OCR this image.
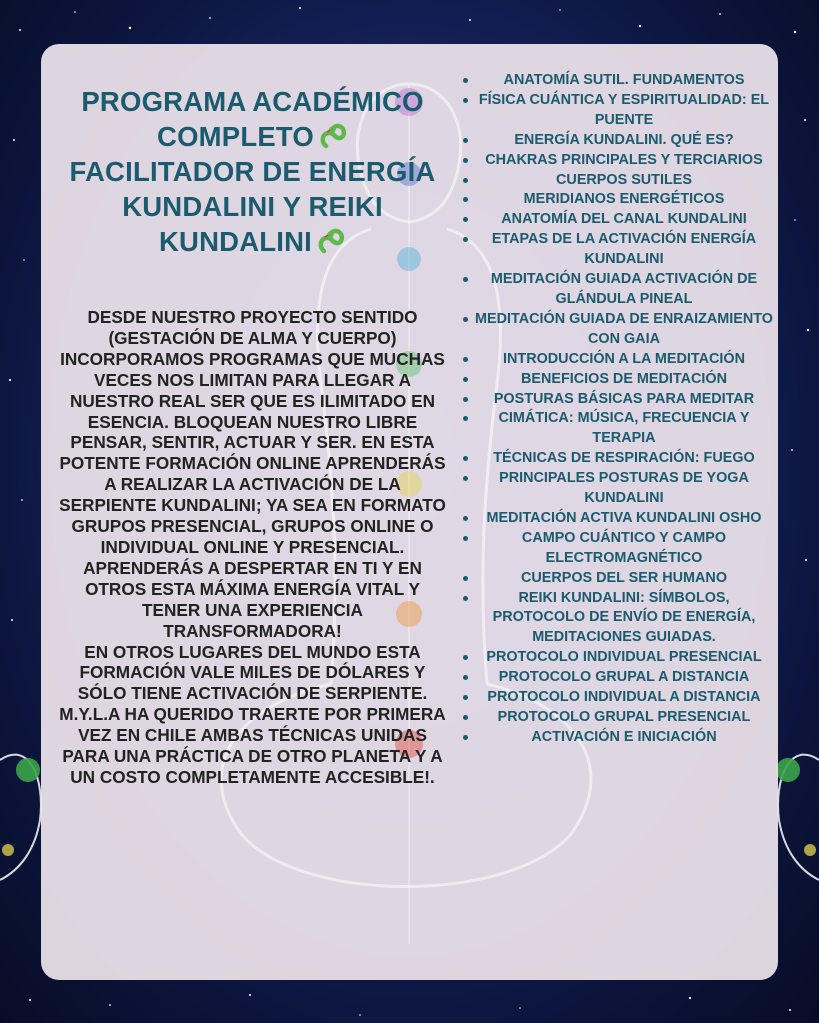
PROGRAMA ACADÉMICO
COMPLETO
FACILITADOR DE ENERGÍA
KUNDALINI Y REIKI
KUNDALINI

DESDE NUESTRO PROYECTO SENTIDO (GESTACIÓN DE ALMA Y CUERPO) INCORPORAMOS PROGRAMAS QUE MUCHAS VECES NOS LIMITAN PARA LLEGAR A NUESTRO REAL SER QUE ES ILIMITADO EN ESENCIA. BLOQUEAN NUESTRO LIBRE PENSAR, SENTIR, ACTUAR Y SER. EN ESTA POTENTE FORMACIÓN ONLINE APRENDERÁS A REALIZAR LA ACTIVACIÓN DE LA SERPIENTE KUNDALINI; YA SEA EN FORMATO GRUPOS PRESENCIAL, GRUPOS ONLINE O INDIVIDUAL ONLINE Y PRESENCIAL. APRENDERÁS A DESPERTAR EN TI Y EN OTROS ESTA MÁXIMA ENERGÍA VITAL Y TENER UNA EXPERIENCIA TRANSFORMADORA!

EN OTROS LUGARES DEL MUNDO ESTA FORMACIÓN VALE MILES DE DÓLARES Y SÓLO TIENE ACTIVACIÓN DE SERPIENTE.

M.Y.L.A HA QUERIDO TRAERTE POR PRIMERA VEZ EN CHILE AMBAS TÉCNICAS UNIDAS PARA UNA PRÁCTICA DE OTRO PLANETA Y A UN COSTO COMPLETAMENTE ACCESIBLE!.

ANATOMÍA SUTIL. FUNDAMENTOS
FÍSICA CUÁNTICA Y ESPIRITUALIDAD: EL PUENTE
ENERGÍA KUNDALINI. QUÉ ES?
CHAKRAS PRINCIPALES Y TERCIARIOS
CUERPOS SUTILES
MERIDIANOS ENERGÉTICOS
ANATOMÍA DEL CANAL KUNDALINI
ETAPAS DE LA ACTIVACIÓN ENERGÍA KUNDALINI
MEDITACIÓN GUIADA ACTIVACIÓN DE GLÁNDULA PINEAL
MEDITACIÓN GUIADA DE ENRAIZAMIENTO CON GAIA
INTRODUCCIÓN A LA MEDITACIÓN
BENEFICIOS DE MEDITACIÓN
POSTURAS BÁSICAS PARA MEDITAR
CIMÁTICA: MÚSICA, FRECUENCIA Y TERAPIA
TÉCNICAS DE RESPIRACIÓN: FUEGO
PRINCIPALES POSTURAS DE YOGA KUNDALINI
MEDITACIÓN ACTIVA KUNDALINI OSHO
CAMPO CUÁNTICO Y CAMPO ELECTROMAGNÉTICO
CUERPOS DEL SER HUMANO
REIKI KUNDALINI: SÍMBOLOS, PROTOCOLO DE ENVÍO DE ENERGÍA, MEDITACIONES GUIADAS.
PROTOCOLO INDIVIDUAL PRESENCIAL
PROTOCOLO GRUPAL A DISTANCIA
PROTOCOLO INDIVIDUAL A DISTANCIA
PROTOCOLO GRUPAL PRESENCIAL
ACTIVACIÓN E INICIACIÓN
